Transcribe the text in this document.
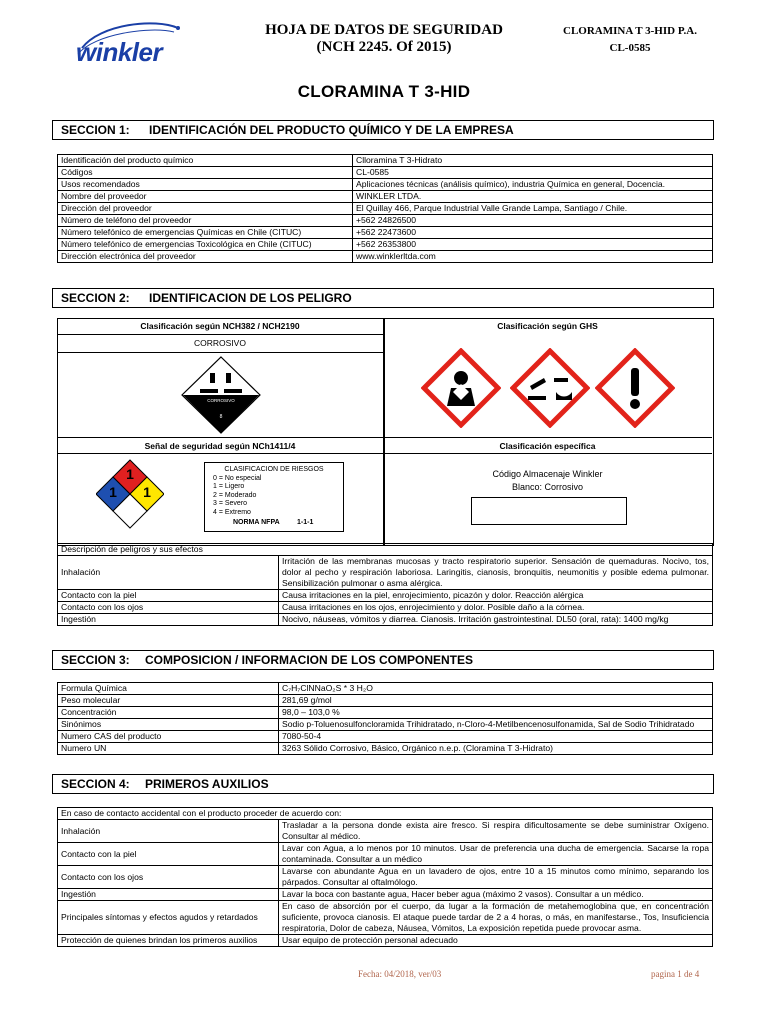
winkler
HOJA DE DATOS DE SEGURIDAD
(NCH 2245. Of 2015)
CLORAMINA T 3-HID P.A.
CL-0585
CLORAMINA T 3-HID
SECCION 1: IDENTIFICACIÓN DEL PRODUCTO QUÍMICO Y DE LA EMPRESA
Identificación del producto químico	Clloramina T 3-Hidrato
Códigos	CL-0585
Usos recomendados	Aplicaciones técnicas (análisis químico), industria Química en general, Docencia.
Nombre del proveedor	WINKLER LTDA.
Dirección del proveedor	El Quillay 466, Parque Industrial Valle Grande Lampa, Santiago / Chile.
Número de teléfono del proveedor	+562 24826500
Número telefónico de emergencias Químicas en Chile (CITUC)	+562 22473600
Número telefónico de emergencias Toxicológica en Chile (CITUC)	+562 26353800
Dirección electrónica del proveedor	www.winklerltda.com
SECCION 2: IDENTIFICACION DE LOS PELIGRO
Clasificación según NCH382 / NCH2190	Clasificación según GHS
CORROSIVO
CORROSIVO
8
Señal de seguridad según NCh1411/4	Clasificación específica
1
1	1
CLASIFICACION DE RIESGOS
0 = No especial
1 = Ligero
2 = Moderado
3 = Severo
4 = Extremo
NORMA NFPA 1-1-1
Código Almacenaje Winkler
Blanco: Corrosivo
Descripción de peligros y sus efectos	
Inhalación	Irritación de las membranas mucosas y tracto respiratorio superior. Sensación de quemaduras. Nocivo, tos, dolor al pecho y respiración laboriosa. Laringitis, cianosis, bronquitis, neumonitis y posible edema pulmonar. Sensibilización pulmonar o asma alérgica.
Contacto con la piel	Causa irritaciones en la piel, enrojecimiento, picazón y dolor. Reacción alérgica
Contacto con los ojos	Causa irritaciones en los ojos, enrojecimiento y dolor. Posible daño a la córnea.
Ingestión	Nocivo, náuseas, vómitos y diarrea. Cianosis. Irritación gastrointestinal. DL50 (oral, rata): 1400 mg/kg
SECCION 3: COMPOSICION / INFORMACION DE LOS COMPONENTES
Formula Química	C₇H₇ClNNaO₂S * 3 H₂O
Peso molecular	281,69 g/mol
Concentración	98,0 – 103,0 %
Sinónimos	Sodio p-Toluenosulfoncloramida Trihidratado, n-Cloro-4-Metilbencenosulfonamida, Sal de Sodio Trihidratado
Numero CAS del producto	7080-50-4
Numero UN	3263 Sólido Corrosivo, Básico, Orgánico n.e.p. (Cloramina T 3-Hidrato)
SECCION 4: PRIMEROS AUXILIOS
En caso de contacto accidental con el producto proceder de acuerdo con:	
Inhalación	Trasladar a la persona donde exista aire fresco. Si respira dificultosamente se debe suministrar Oxígeno. Consultar al médico.
Contacto con la piel	Lavar con Agua, a lo menos por 10 minutos. Usar de preferencia una ducha de emergencia. Sacarse la ropa contaminada. Consultar a un médico
Contacto con los ojos	Lavarse con abundante Agua en un lavadero de ojos, entre 10 a 15 minutos como mínimo, separando los párpados. Consultar al oftalmólogo.
Ingestión	Lavar la boca con bastante agua, Hacer beber agua (máximo 2 vasos). Consultar a un médico.
Principales síntomas y efectos agudos y retardados	En caso de absorción por el cuerpo, da lugar a la formación de metahemoglobina que, en concentración suficiente, provoca cianosis. El ataque puede tardar de 2 a 4 horas, o más, en manifestarse., Tos, Insuficiencia respiratoria, Dolor de cabeza, Náusea, Vómitos, La exposición repetida puede provocar asma.
Protección de quienes brindan los primeros auxilios	Usar equipo de protección personal adecuado
Fecha: 04/2018, ver/03	pagina 1 de 4
